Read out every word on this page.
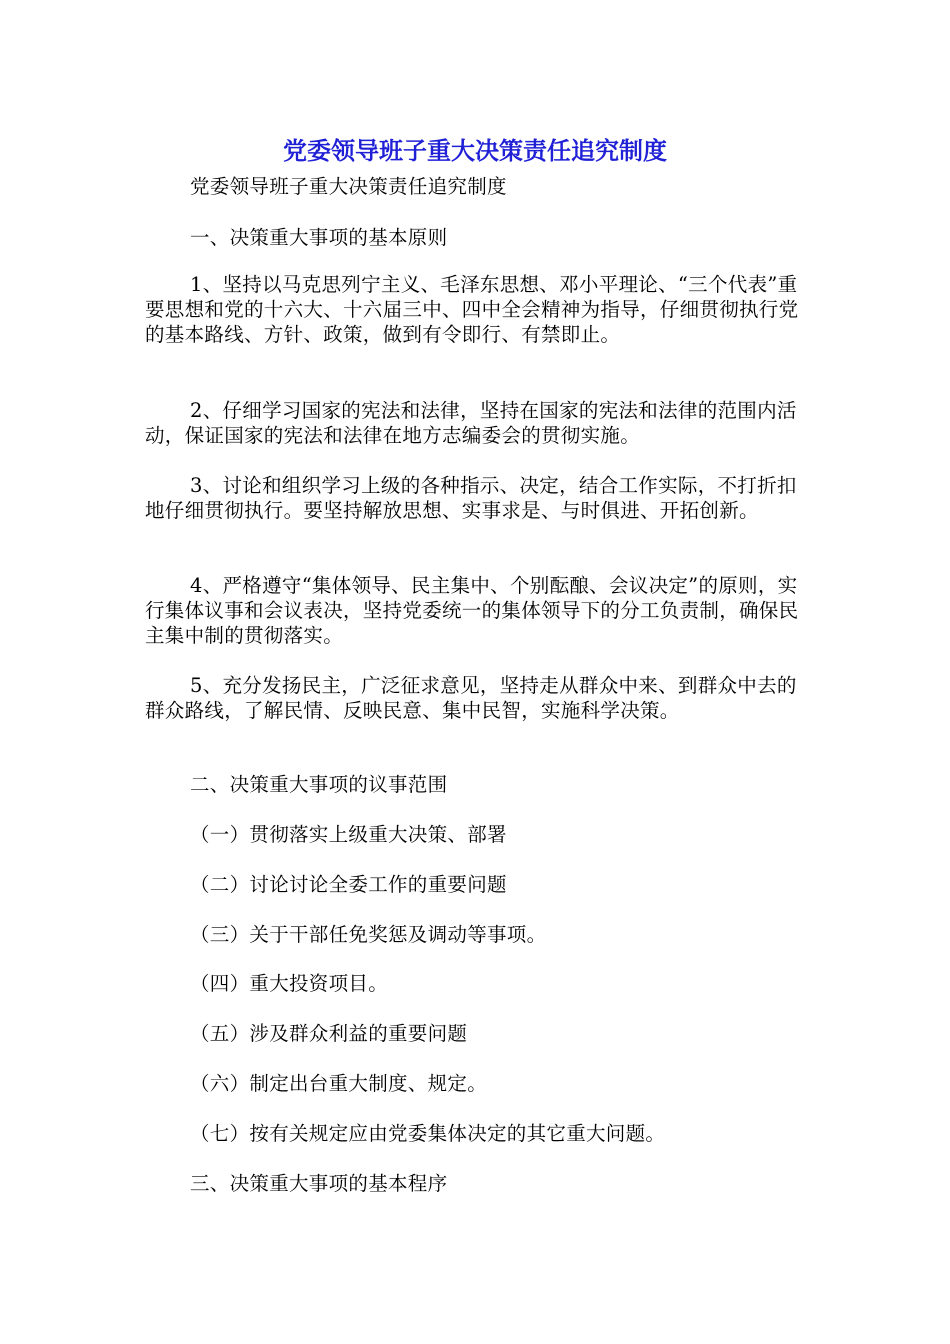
党委领导班子重大决策责任追究制度

党委领导班子重大决策责任追究制度

一、决策重大事项的基本原则

1、坚持以马克思列宁主义、毛泽东思想、邓小平理论、“三个代表”重要思想和党的十六大、十六届三中、四中全会精神为指导，仔细贯彻执行党的基本路线、方针、政策，做到有令即行、有禁即止。

2、仔细学习国家的宪法和法律，坚持在国家的宪法和法律的范围内活动，保证国家的宪法和法律在地方志编委会的贯彻实施。

3、讨论和组织学习上级的各种指示、决定，结合工作实际，不打折扣地仔细贯彻执行。要坚持解放思想、实事求是、与时俱进、开拓创新。

4、严格遵守“集体领导、民主集中、个别酝酿、会议决定”的原则，实行集体议事和会议表决，坚持党委统一的集体领导下的分工负责制，确保民主集中制的贯彻落实。

5、充分发扬民主，广泛征求意见，坚持走从群众中来、到群众中去的群众路线，了解民情、反映民意、集中民智，实施科学决策。

二、决策重大事项的议事范围

（一）贯彻落实上级重大决策、部署

（二）讨论讨论全委工作的重要问题

（三）关于干部任免奖惩及调动等事项。

（四）重大投资项目。

（五）涉及群众利益的重要问题

（六）制定出台重大制度、规定。

（七）按有关规定应由党委集体决定的其它重大问题。

三、决策重大事项的基本程序
